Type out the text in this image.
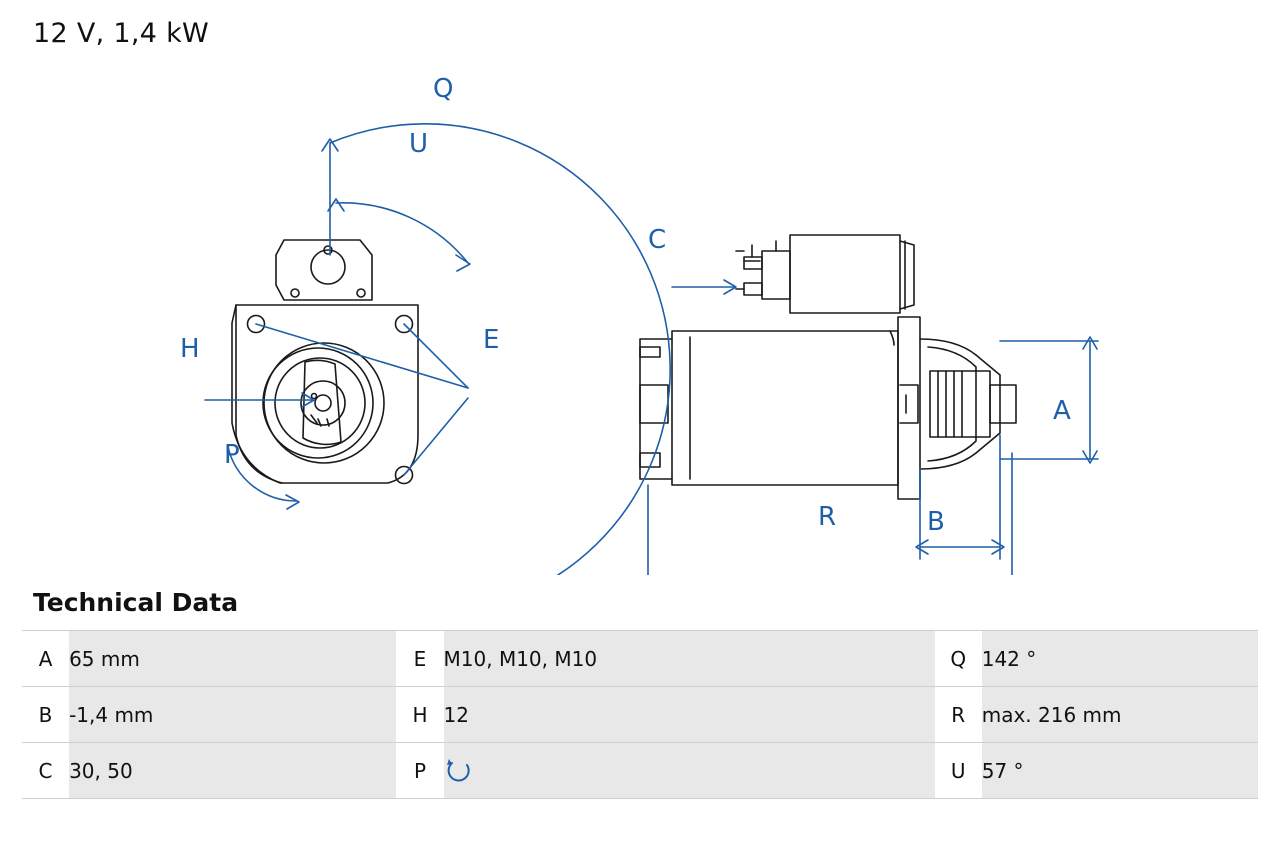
12 V, 1,4 kW
Q
U
E
H
P
C
A
B
R
Technical Data
A	65 mm	E	M10, M10, M10	Q	142 °
B	-1,4 mm	H	12	R	max. 216 mm
C	30, 50	P		U	57 °
